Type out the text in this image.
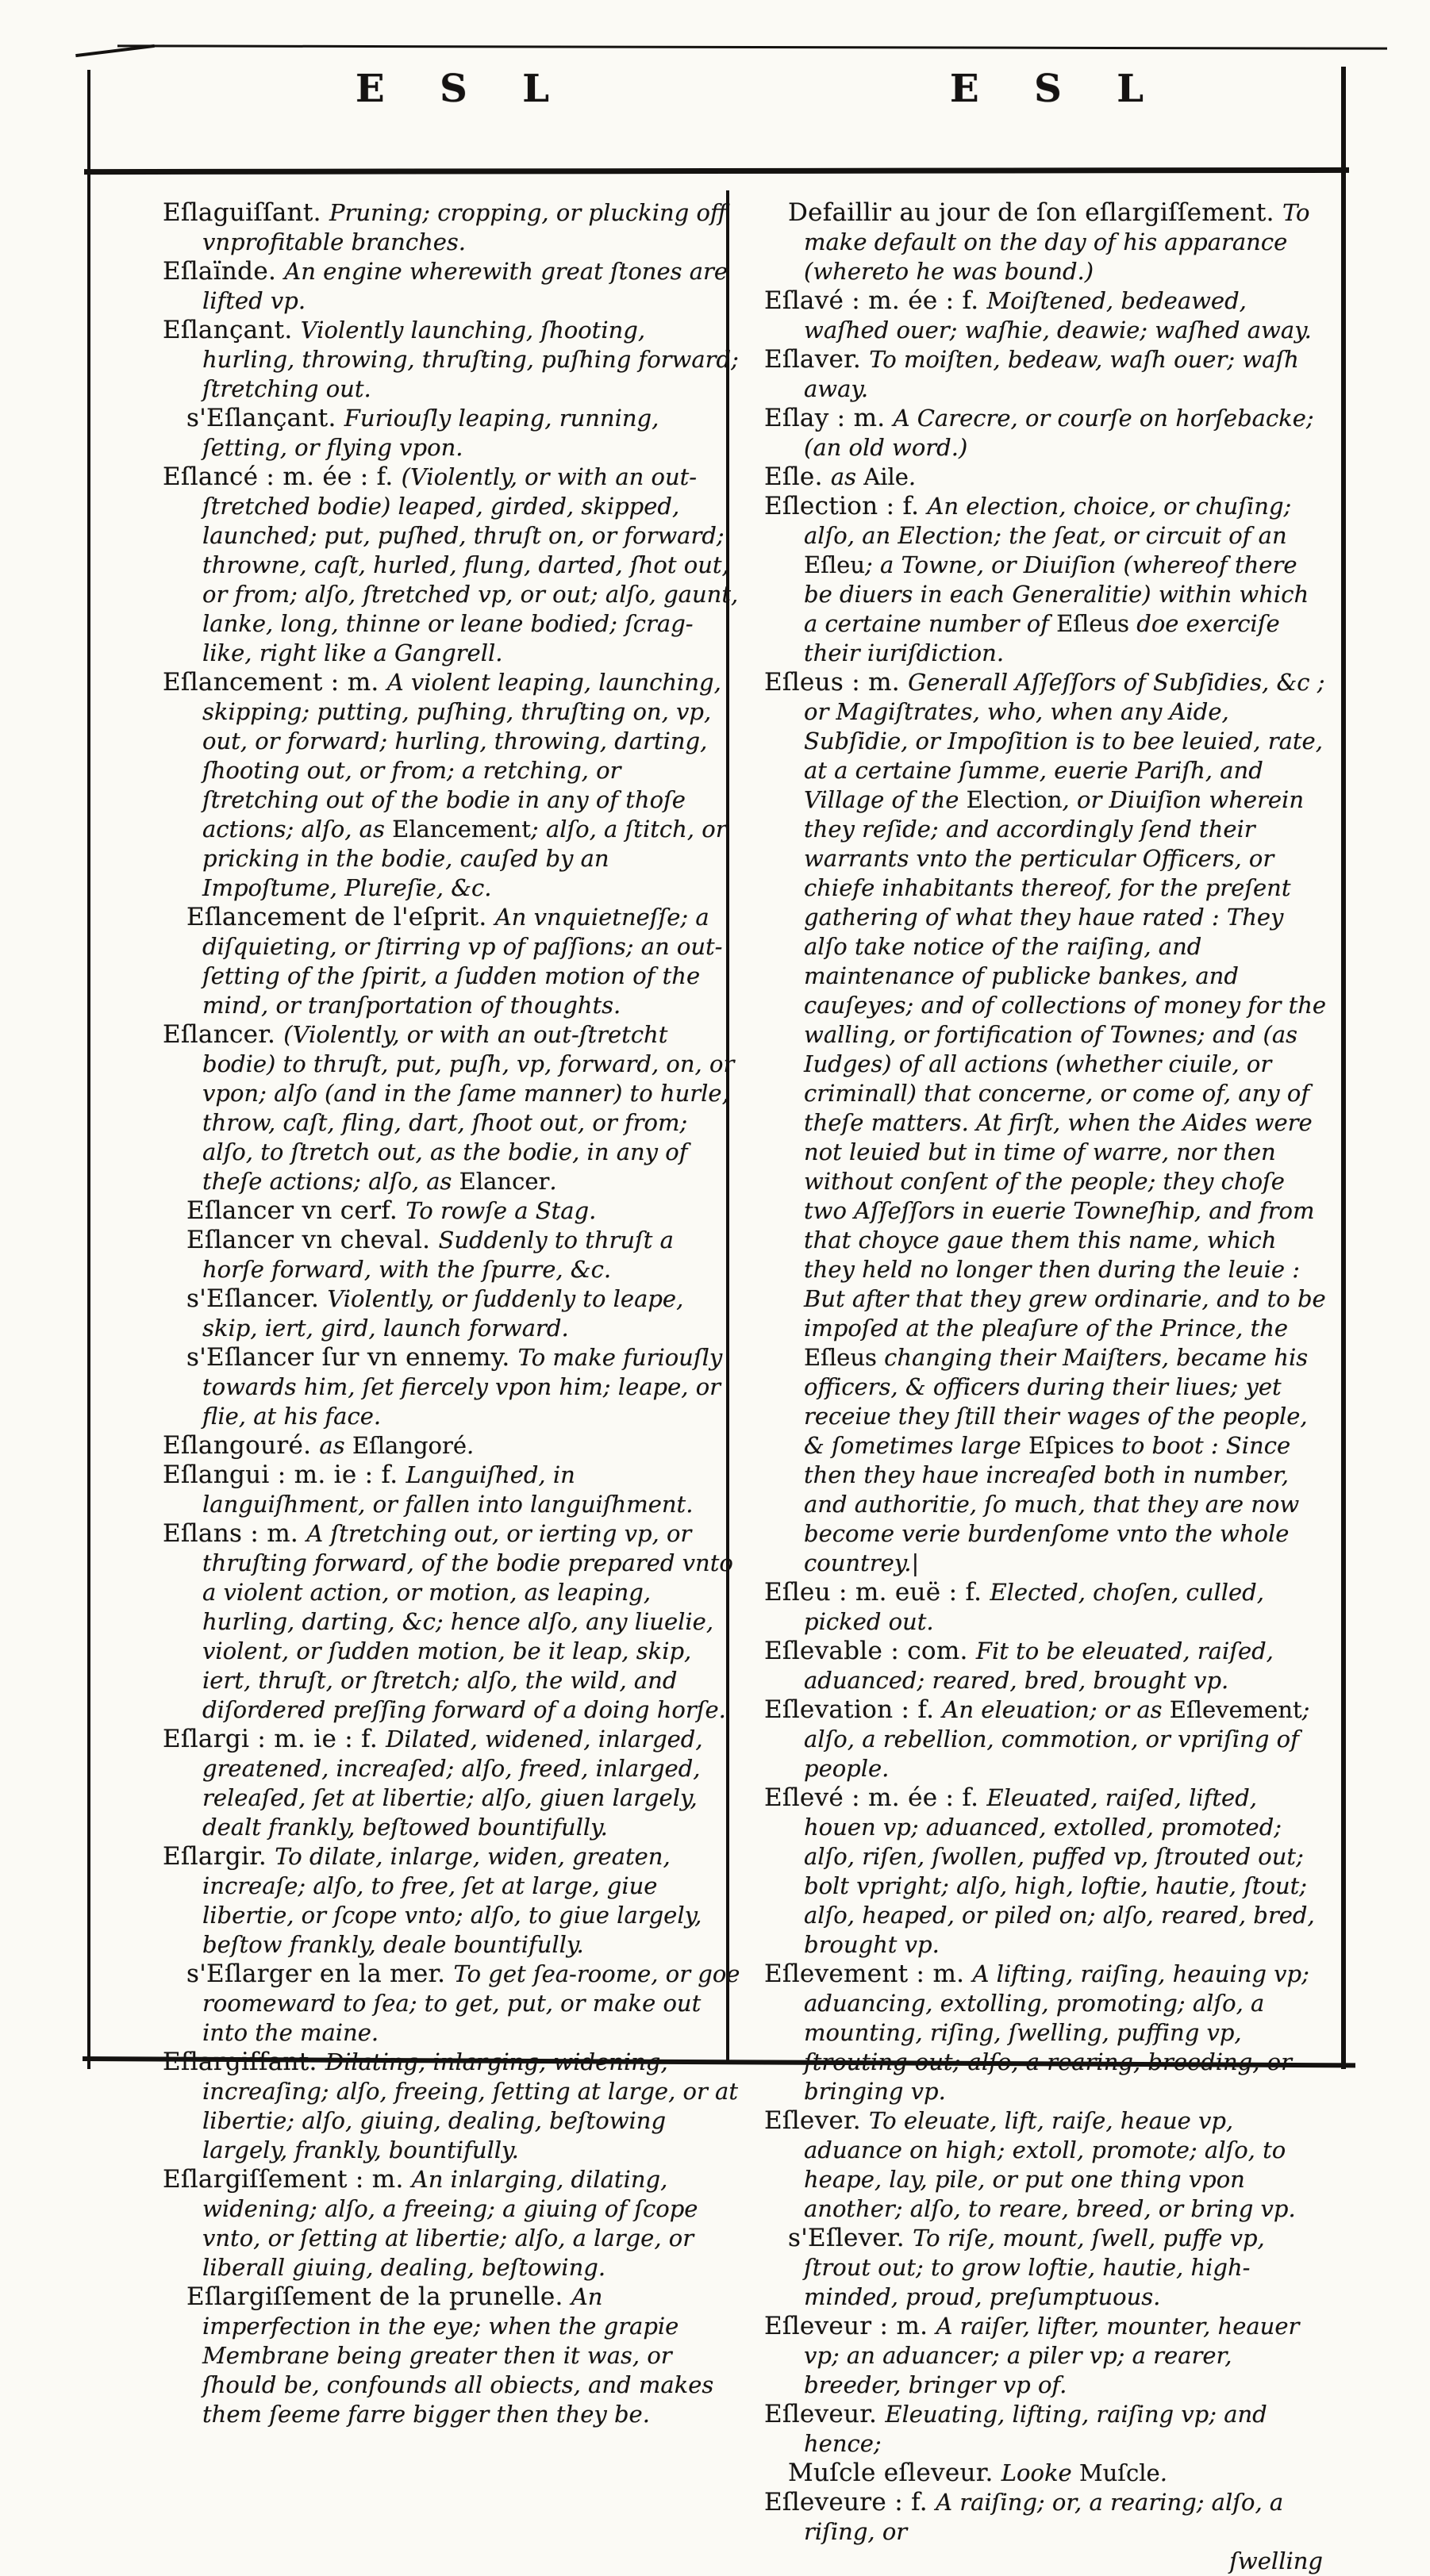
E S L	E S L

Eſlaguiſſant. Pruning; cropping, or plucking off vnprofitable branches.

Eſlaïnde. An engine wherewith great ſtones are lifted vp.

Eſlançant. Violently launching, ſhooting, hurling, throwing, thruſting, puſhing forward; ſtretching out.

s'Eſlançant. Furiouſly leaping, running, ſetting, or flying vpon.

Eſlancé : m. ée : f. (Violently, or with an out-ſtretched bodie) leaped, girded, skipped, launched; put, puſhed, thruſt on, or forward; throwne, caſt, hurled, flung, darted, ſhot out, or from; alſo, ſtretched vp, or out; alſo, gaunt, lanke, long, thinne or leane bodied; ſcrag-like, right like a Gangrell.

Eſlancement : m. A violent leaping, launching, skipping; putting, puſhing, thruſting on, vp, out, or forward; hurling, throwing, darting, ſhooting out, or from; a retching, or ſtretching out of the bodie in any of thoſe actions; alſo, as Elancement; alſo, a ſtitch, or pricking in the bodie, cauſed by an Impoſtume, Plureſie, &c.

Eſlancement de l'eſprit. An vnquietneſſe; a diſquieting, or ſtirring vp of paſſions; an out-ſetting of the ſpirit, a ſudden motion of the mind, or tranſportation of thoughts.

Eſlancer. (Violently, or with an out-ſtretcht bodie) to thruſt, put, puſh, vp, forward, on, or vpon; alſo (and in the ſame manner) to hurle, throw, caſt, fling, dart, ſhoot out, or from; alſo, to ſtretch out, as the bodie, in any of theſe actions; alſo, as Elancer.

Eſlancer vn cerf. To rowſe a Stag.

Eſlancer vn cheval. Suddenly to thruſt a horſe forward, with the ſpurre, &c.

s'Eſlancer. Violently, or ſuddenly to leape, skip, iert, gird, launch forward.

s'Eſlancer ſur vn ennemy. To make furiouſly towards him, ſet fiercely vpon him; leape, or flie, at his face.

Eſlangouré. as Eſlangoré.

Eſlangui : m. ie : f. Languiſhed, in languiſhment, or fallen into languiſhment.

Eſlans : m. A ſtretching out, or ierting vp, or thruſting forward, of the bodie prepared vnto a violent action, or motion, as leaping, hurling, darting, &c; hence alſo, any liuelie, violent, or ſudden motion, be it leap, skip, iert, thruſt, or ſtretch; alſo, the wild, and diſordered preſſing forward of a doing horſe.

Eſlargi : m. ie : f. Dilated, widened, inlarged, greatened, increaſed; alſo, freed, inlarged, releaſed, ſet at libertie; alſo, giuen largely, dealt frankly, beſtowed bountifully.

Eſlargir. To dilate, inlarge, widen, greaten, increaſe; alſo, to free, ſet at large, giue libertie, or ſcope vnto; alſo, to giue largely, beſtow frankly, deale bountifully.

s'Eſlarger en la mer. To get ſea-roome, or goe roomeward to ſea; to get, put, or make out into the maine.

Eſlargiſſant. Dilating, inlarging, widening, increaſing; alſo, freeing, ſetting at large, or at libertie; alſo, giuing, dealing, beſtowing largely, frankly, bountifully.

Eſlargiſſement : m. An inlarging, dilating, widening; alſo, a freeing; a giuing of ſcope vnto, or ſetting at libertie; alſo, a large, or liberall giuing, dealing, beſtowing.

Eſlargiſſement de la prunelle. An imperfection in the eye; when the grapie Membrane being greater then it was, or ſhould be, confounds all obiects, and makes them ſeeme farre bigger then they be.

Defaillir au jour de ſon eſlargiſſement. To make default on the day of his apparance (whereto he was bound.)

Eſlavé : m. ée : f. Moiſtened, bedeawed, waſhed ouer; waſhie, deawie; waſhed away.

Eſlaver. To moiſten, bedeaw, waſh ouer; waſh away.

Eſlay : m. A Carecre, or courſe on horſebacke; (an old word.)

Eſle. as Aile.

Eſlection : f. An election, choice, or chuſing; alſo, an Election; the ſeat, or circuit of an Eſleu; a Towne, or Diuiſion (whereof there be diuers in each Generalitie) within which a certaine number of Eſleus doe exerciſe their iuriſdiction.

Eſleus : m. Generall Aſſeſſors of Subſidies, &c ; or Magiſtrates, who, when any Aide, Subſidie, or Impoſition is to bee leuied, rate, at a certaine ſumme, euerie Pariſh, and Village of the Election, or Diuiſion wherein they reſide; and accordingly ſend their warrants vnto the perticular Officers, or chiefe inhabitants thereof, for the preſent gathering of what they haue rated : They alſo take notice of the raiſing, and maintenance of publicke bankes, and cauſeyes; and of collections of money for the walling, or fortification of Townes; and (as Iudges) of all actions (whether ciuile, or criminall) that concerne, or come of, any of theſe matters. At firſt, when the Aides were not leuied but in time of warre, nor then without conſent of the people; they choſe two Aſſeſſors in euerie Towneſhip, and from that choyce gaue them this name, which they held no longer then during the leuie : But after that they grew ordinarie, and to be impoſed at the pleaſure of the Prince, the Eſleus changing their Maiſters, became his officers, & officers during their liues; yet receiue they ſtill their wages of the people, & ſometimes large Eſpices to boot : Since then they haue increaſed both in number, and authoritie, ſo much, that they are now become verie burdenſome vnto the whole countrey.|

Eſleu : m. euë : f. Elected, choſen, culled, picked out.

Eſlevable : com. Fit to be eleuated, raiſed, aduanced; reared, bred, brought vp.

Eſlevation : f. An eleuation; or as Eſlevement; alſo, a rebellion, commotion, or vpriſing of people.

Eſlevé : m. ée : f. Eleuated, raiſed, lifted, houen vp; aduanced, extolled, promoted; alſo, riſen, ſwollen, puffed vp, ſtrouted out; bolt vpright; alſo, high, loftie, hautie, ſtout; alſo, heaped, or piled on; alſo, reared, bred, brought vp.

Eſlevement : m. A lifting, raiſing, heauing vp; aduancing, extolling, promoting; alſo, a mounting, riſing, ſwelling, puffing vp, ſtrouting out; alſo, a rearing, breeding, or bringing vp.

Eſlever. To eleuate, lift, raiſe, heaue vp, aduance on high; extoll, promote; alſo, to heape, lay, pile, or put one thing vpon another; alſo, to reare, breed, or bring vp.

s'Eſlever. To riſe, mount, ſwell, puffe vp, ſtrout out; to grow loftie, hautie, high-minded, proud, preſumptuous.

Eſleveur : m. A raiſer, lifter, mounter, heauer vp; an aduancer; a piler vp; a rearer, breeder, bringer vp of.

Eſleveur. Eleuating, lifting, raiſing vp; and hence;

Muſcle eſleveur. Looke Muſcle.

Eſleveure : f. A raiſing; or, a rearing; alſo, a riſing, or

ſwelling
